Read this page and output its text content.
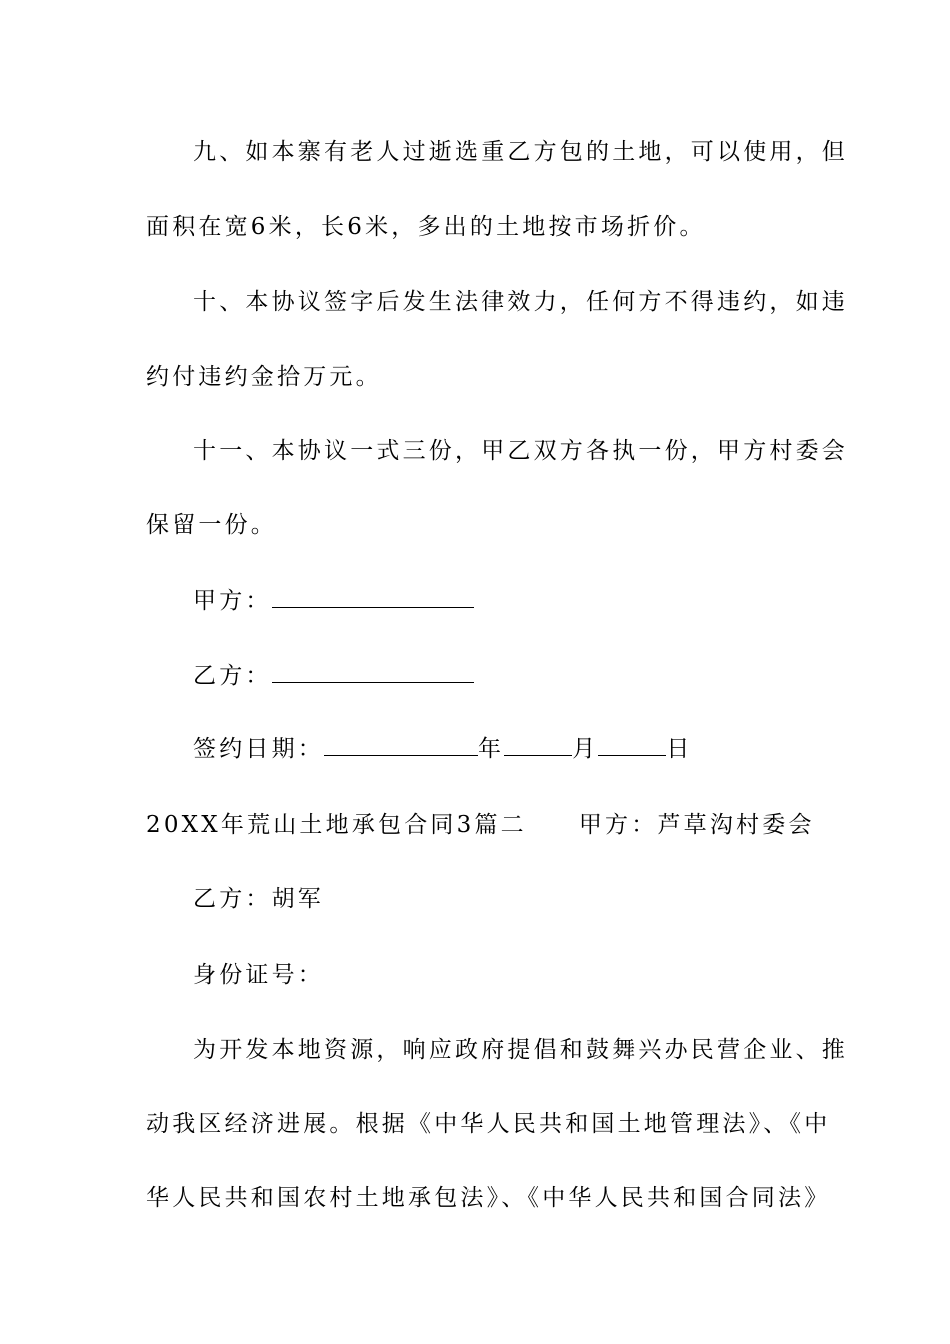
九、如本寨有老人过逝选重乙方包的土地，可以使用，但
面积在宽6米，长6米，多出的土地按市场折价。
十、本协议签字后发生法律效力，任何方不得违约，如违
约付违约金拾万元。
十一、本协议一式三份，甲乙双方各执一份，甲方村委会
保留一份。
甲方：
乙方：
签约日期：	年	月	日
20XX年荒山土地承包合同3篇二 甲方：芦草沟村委会
乙方：胡军
身份证号：
为开发本地资源，响应政府提倡和鼓舞兴办民营企业、推
动我区经济进展。根据《中华人民共和国土地管理法》、《中
华人民共和国农村土地承包法》、《中华人民共和国合同法》
